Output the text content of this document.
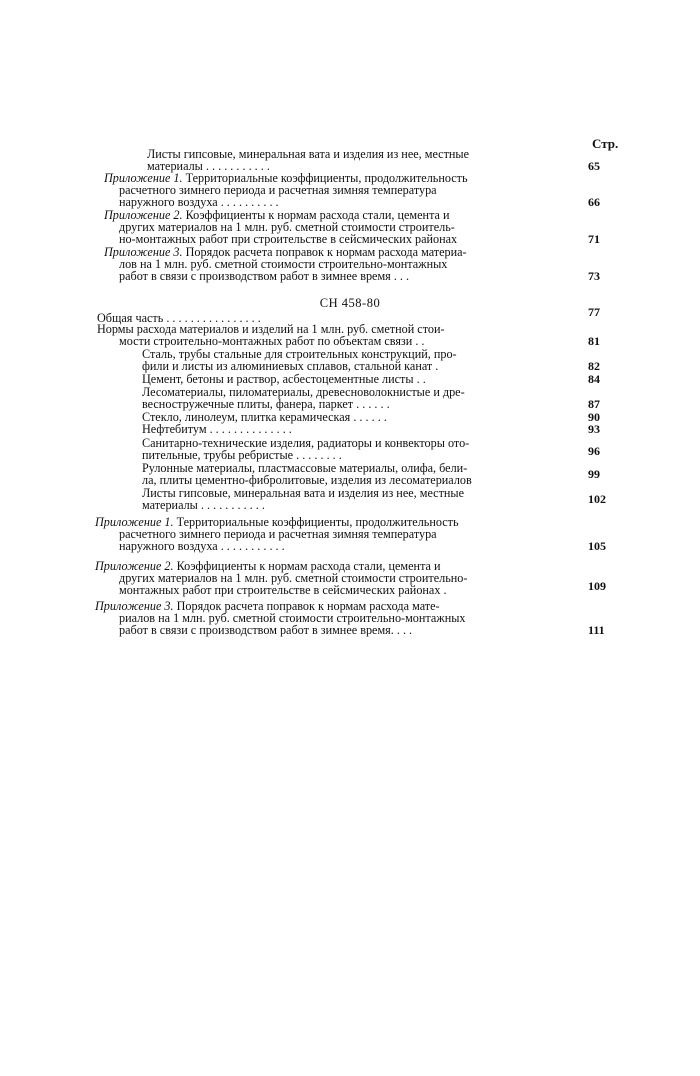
Стр.
Листы гипсовые, минеральная вата и изделия из нее, местные
материалы . . . . . . . . . . .	65
Приложение 1. Территориальные коэффициенты, продолжительность
расчетного зимнего периода и расчетная зимняя температура
наружного воздуха . . . . . . . . . .	66
Приложение 2. Коэффициенты к нормам расхода стали, цемента и
других материалов на 1 млн. руб. сметной стоимости строитель-
но-монтажных работ при строительстве в сейсмических районах	71
Приложение 3. Порядок расчета поправок к нормам расхода материа-
лов на 1 млн. руб. сметной стоимости строительно-монтажных
работ в связи с производством работ в зимнее время . . .	73
СН 458-80
Общая часть . . . . . . . . . . . . . . . .	77
Нормы расхода материалов и изделий на 1 млн. руб. сметной стои-
мости строительно-монтажных работ по объектам связи . .	81
Сталь, трубы стальные для строительных конструкций, про-
фили и листы из алюминиевых сплавов, стальной канат .	82
Цемент, бетоны и раствор, асбестоцементные листы . .	84
Лесоматериалы, пиломатериалы, древесноволокнистые и дре-
весностружечные плиты, фанера, паркет . . . . . .	87
Стекло, линолеум, плитка керамическая . . . . . .	90
Нефтебитум . . . . . . . . . . . . . .	93
Санитарно-технические изделия, радиаторы и конвекторы ото-
пительные, трубы ребристые . . . . . . . .	96
Рулонные материалы, пластмассовые материалы, олифа, бели-
ла, плиты цементно-фибролитовые, изделия из лесоматериалов	99
Листы гипсовые, минеральная вата и изделия из нее, местные
материалы . . . . . . . . . . .	102
Приложение 1. Территориальные коэффициенты, продолжительность
расчетного зимнего периода и расчетная зимняя температура
наружного воздуха . . . . . . . . . . .	105
Приложение 2. Коэффициенты к нормам расхода стали, цемента и
других материалов на 1 млн. руб. сметной стоимости строительно-
монтажных работ при строительстве в сейсмических районах .	109
Приложение 3. Порядок расчета поправок к нормам расхода мате-
риалов на 1 млн. руб. сметной стоимости строительно-монтажных
работ в связи с производством работ в зимнее время. . . .	111
